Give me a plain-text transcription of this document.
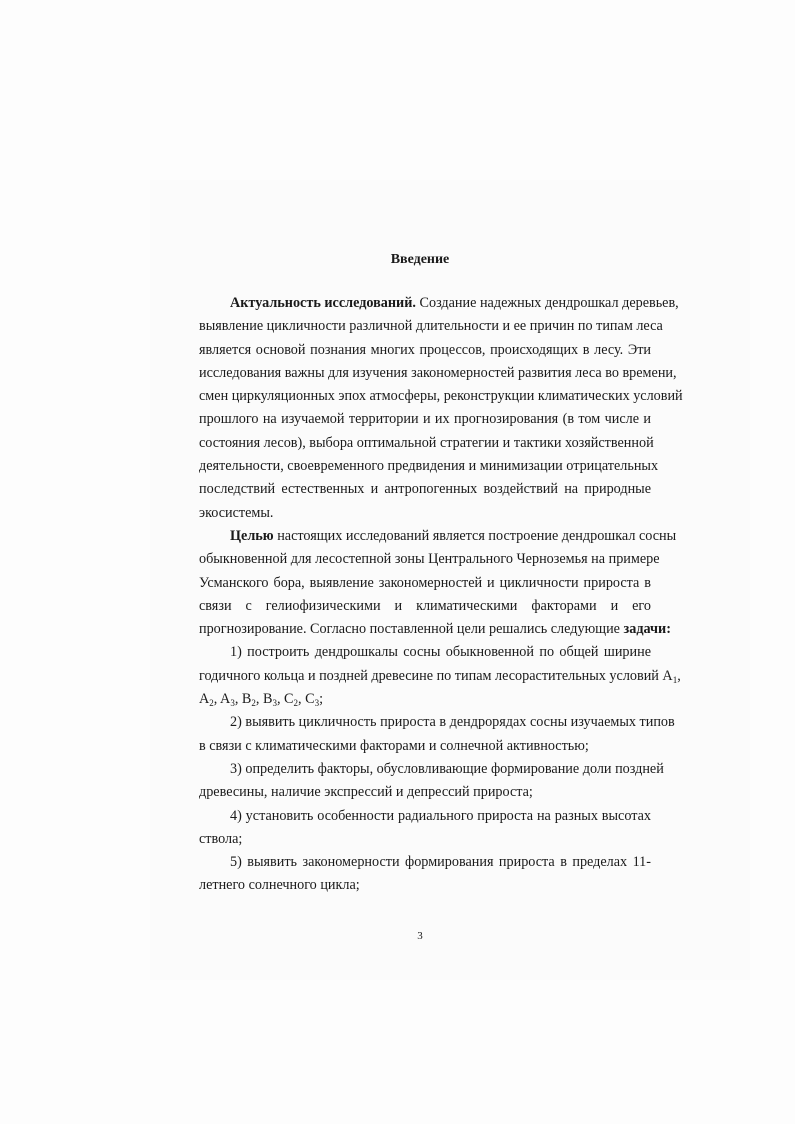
Введение
Актуальность исследований. Создание надежных дендрошкал деревьев,
выявление цикличности различной длительности и ее причин по типам леса
является основой познания многих процессов, происходящих в лесу. Эти
исследования важны для изучения закономерностей развития леса во времени,
смен циркуляционных эпох атмосферы, реконструкции климатических условий
прошлого на изучаемой территории и их прогнозирования (в том числе и
состояния лесов), выбора оптимальной стратегии и тактики хозяйственной
деятельности, своевременного предвидения и минимизации отрицательных
последствий естественных и антропогенных воздействий на природные
экосистемы.
Целью настоящих исследований является построение дендрошкал сосны
обыкновенной для лесостепной зоны Центрального Черноземья на примере
Усманского бора, выявление закономерностей и цикличности прироста в
связи с гелиофизическими и климатическими факторами и его
прогнозирование. Согласно поставленной цели решались следующие задачи:
1) построить дендрошкалы сосны обыкновенной по общей ширине
годичного кольца и поздней древесине по типам лесорастительных условий $A_1$,
$A_2$, $A_3$, $B_2$, $B_3$, $C_2$, $C_3$;
2) выявить цикличность прироста в дендрорядах сосны изучаемых типов
в связи с климатическими факторами и солнечной активностью;
3) определить факторы, обусловливающие формирование доли поздней
древесины, наличие экспрессий и депрессий прироста;
4) установить особенности радиального прироста на разных высотах
ствола;
5) выявить закономерности формирования прироста в пределах 11-
летнего солнечного цикла;
3
